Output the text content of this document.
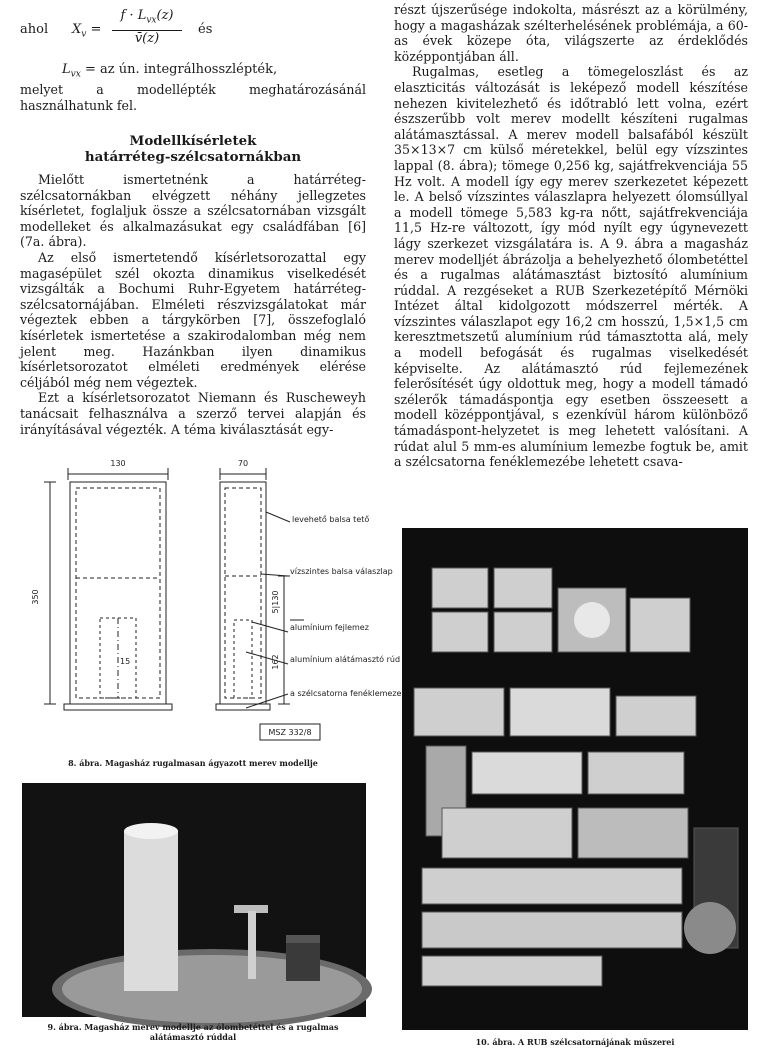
ahol $X_v$ =
$f \cdot L_{vx}(z)$
v̄(z)
és
$L_{vx}$ = az ún. integrálhosszlépték,

melyet a modellépték meghatározásánál használhatunk fel.

Modellkísérletek
határréteg-szélcsatornákban

Mielőtt ismertetnénk a határréteg-szélcsatornákban elvégzett néhány jellegzetes kísérletet, foglaljuk össze a szélcsatornában vizsgált modelleket és alkalmazásukat egy családfában [6] (7a. ábra).

Az első ismertetendő kísérletsorozattal egy magasépület szél okozta dinamikus viselkedését vizsgálták a Bochumi Ruhr-Egyetem határréteg-szélcsatornájában. Elméleti részvizsgálatokat már végeztek ebben a tárgykörben [7], összefoglaló kísérletek ismertetése a szakirodalomban még nem jelent meg. Hazánkban ilyen dinamikus kísérletsorozatot elméleti eredmények elérése céljából még nem végeztek.

Ezt a kísérletsorozatot Niemann és Ruscheweyh tanácsait felhasználva a szerző tervei alapján és irányításával végezték. A téma kiválasztását egy-

130	70
350	5|130
162
15
levehető balsa tető
vízszintes balsa válaszlap
alumínium fejlemez
alumínium alátámasztó rúd
a szélcsatorna fenéklemeze
MSZ 332/8
8. ábra. Magasház rugalmasan ágyazott merev modellje
9. ábra. Magasház merev modellje az ólombetéttel és a rugalmas alátámasztó rúddal

részt újszerűsége indokolta, másrészt az a körülmény, hogy a magasházak szélterhelésének problémája, a 60-as évek közepe óta, világszerte az érdeklődés középpontjában áll.

Rugalmas, esetleg a tömegeloszlást és az elaszticitás változását is leképező modell készítése nehezen kivitelezhető és időtrabló lett volna, ezért észszerűbb volt merev modellt készíteni rugalmas alátámasztással. A merev modell balsafából készült 35×13×7 cm külső méretekkel, belül egy vízszintes lappal (8. ábra); tömege 0,256 kg, sajátfrekvenciája 55 Hz volt. A modell így egy merev szerkezetet képezett le. A belső vízszintes válaszlapra helyezett ólomsúllyal a modell tömege 5,583 kg-ra nőtt, sajátfrekvenciája 11,5 Hz-re változott, így mód nyílt egy úgynevezett lágy szerkezet vizsgálatára is. A 9. ábra a magasház merev modelljét ábrázolja a behelyezhető ólombetéttel és a rugalmas alátámasztást biztosító alumínium rúddal. A rezgéseket a RUB Szerkezetépítő Mérnöki Intézet által kidolgozott módszerrel mérték. A vízszintes válaszlapot egy 16,2 cm hosszú, 1,5×1,5 cm keresztmetszetű alumínium rúd támasztotta alá, mely a modell befogását és rugalmas viselkedését képviselte. Az alátámasztó rúd fejlemezének felerősítését úgy oldottuk meg, hogy a modell támadó szélerők támadáspontja egy esetben összeesett a modell középpontjával, s ezenkívül három különböző támadáspont-helyzetet is meg lehetett valósítani. A rúdat alul 5 mm-es alumínium lemezbe fogtuk be, amit a szélcsatorna fenéklemezébe lehetett csava-

10. ábra. A RUB szélcsatornájának műszerei
